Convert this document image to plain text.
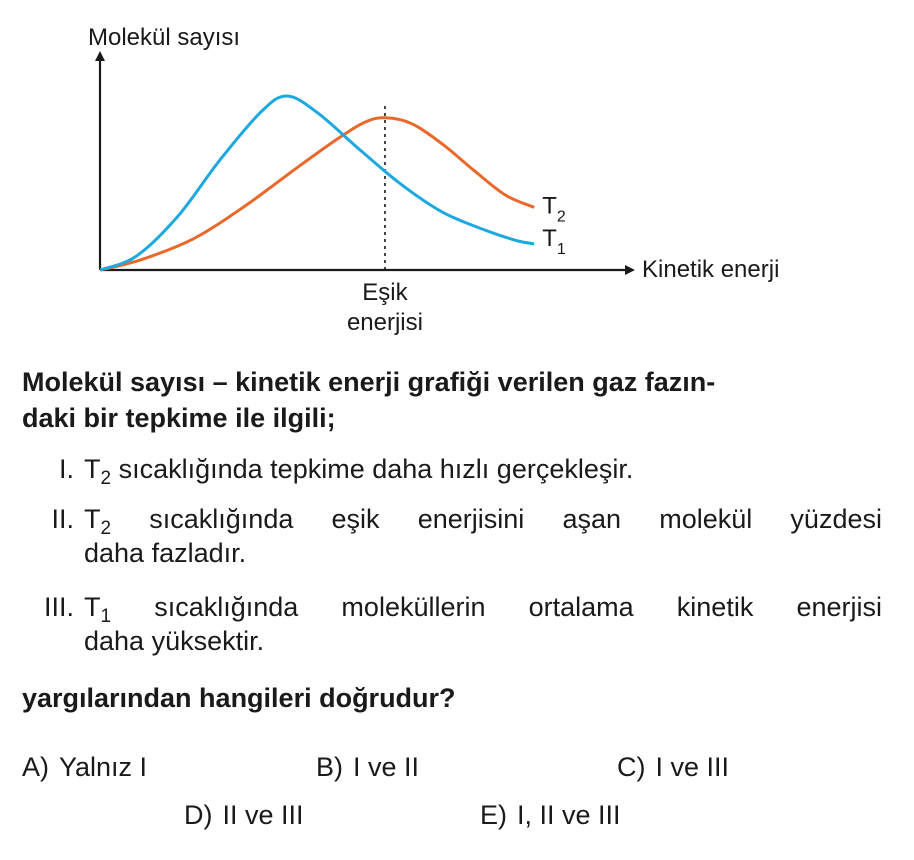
Molekül sayısı
Kinetik enerji
Eşik
enerjisi
$T_2$
$T_1$
Molekül sayısı – kinetik enerji grafiği verilen gaz fazın-
daki bir tepkime ile ilgili;
I. $T_2$ sıcaklığında tepkime daha hızlı gerçekleşir.
II. $T_2$ sıcaklığında eşik enerjisini aşan molekül yüzdesi
daha fazladır.
III. $T_1$ sıcaklığında moleküllerin ortalama kinetik enerjisi
daha yüksektir.
yargılarından hangileri doğrudur?
A) Yalnız I	B) I ve II	C) I ve III
D) II ve III	E) I, II ve III
